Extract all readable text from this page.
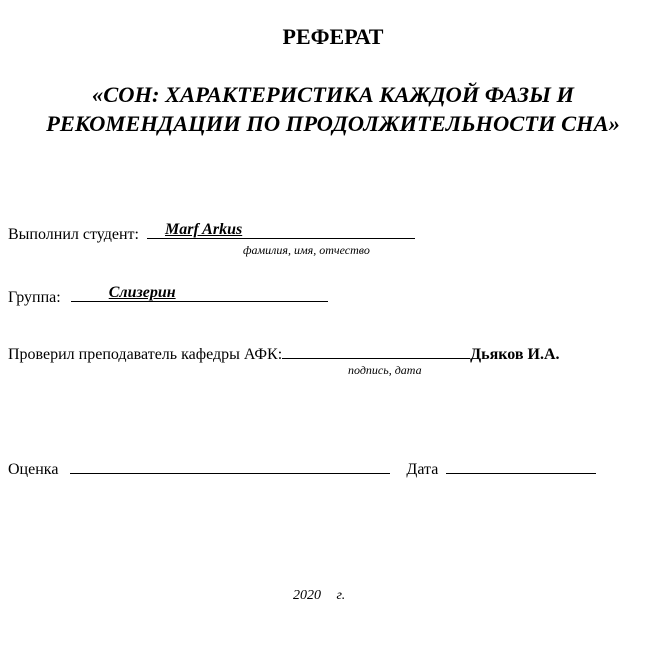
РЕФЕРАТ
«СОН: ХАРАКТЕРИСТИКА КАЖДОЙ ФАЗЫ И
РЕКОМЕНДАЦИИ ПО ПРОДОЛЖИТЕЛЬНОСТИ СНА»
Выполнил студент: Marf Arkus
фамилия, имя, отчество
Группа:	Слизерин
Проверил преподаватель кафедры АФК:	Дьяков И.А.
подпись, дата
Оценка	Дата
2020 г.
